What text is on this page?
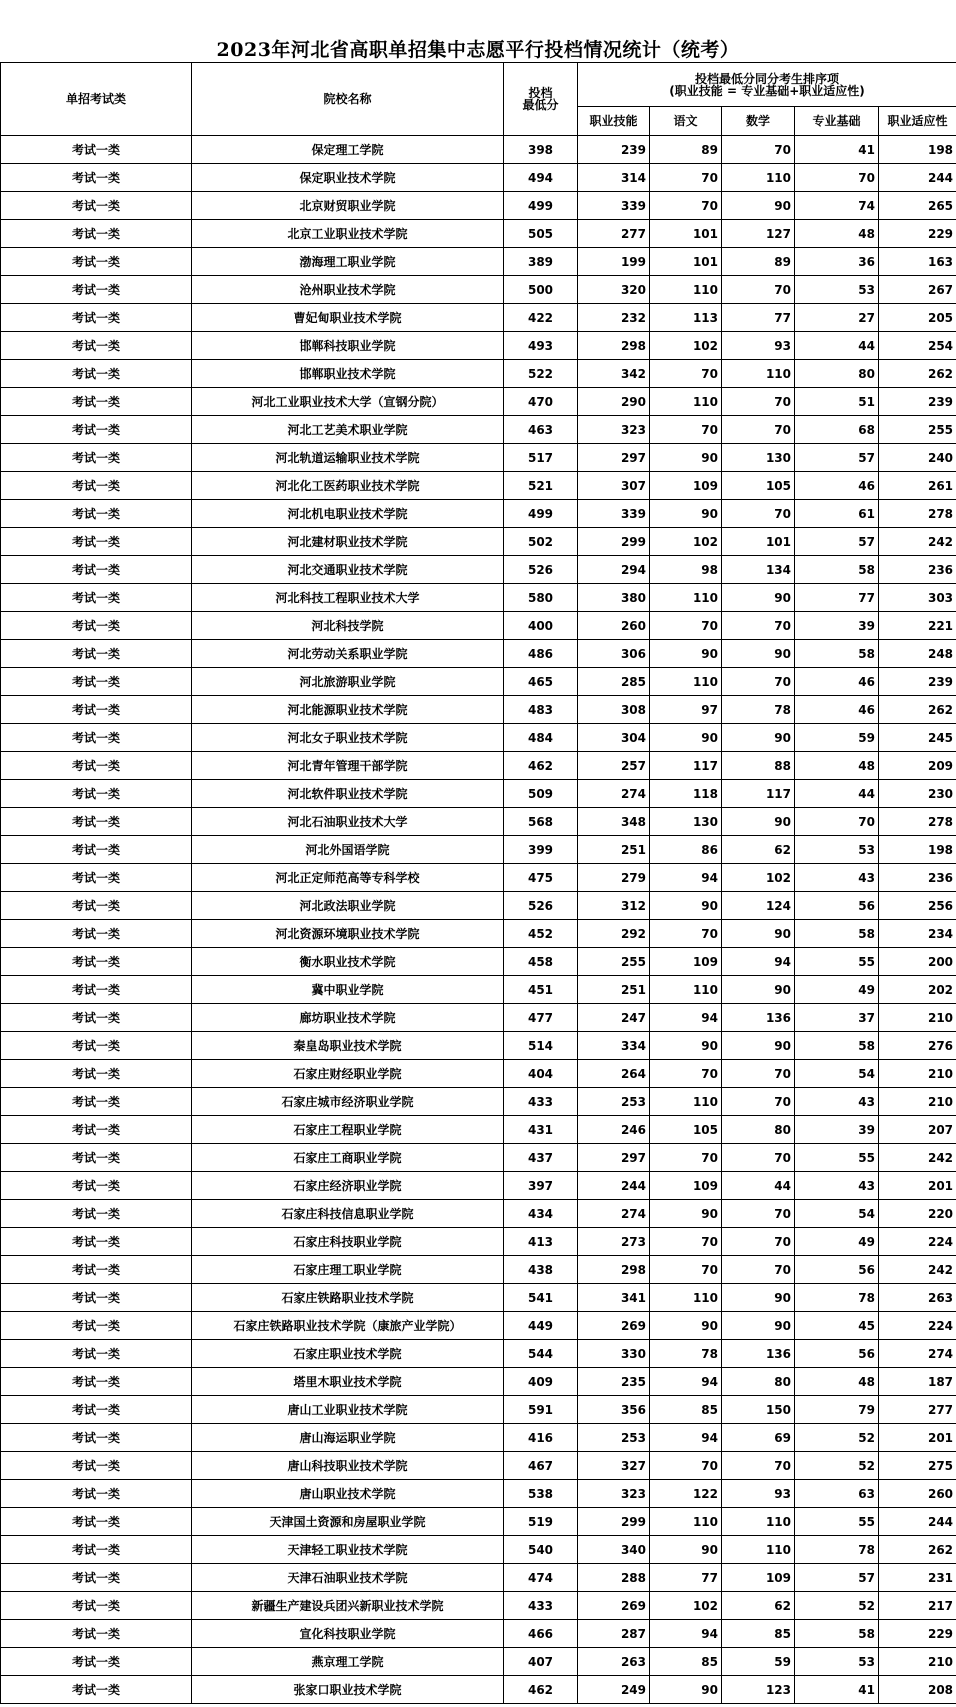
2023年河北省高职单招集中志愿平行投档情况统计（统考）
单招考试类	院校名称	投档
最低分	投档最低分同分考生排序项
(职业技能 = 专业基础+职业适应性)				

			职业技能	语文	数学	专业基础	职业适应性
考试一类	保定理工学院	398	239	89	70	41	198
考试一类	保定职业技术学院	494	314	70	110	70	244
考试一类	北京财贸职业学院	499	339	70	90	74	265
考试一类	北京工业职业技术学院	505	277	101	127	48	229
考试一类	渤海理工职业学院	389	199	101	89	36	163
考试一类	沧州职业技术学院	500	320	110	70	53	267
考试一类	曹妃甸职业技术学院	422	232	113	77	27	205
考试一类	邯郸科技职业学院	493	298	102	93	44	254
考试一类	邯郸职业技术学院	522	342	70	110	80	262
考试一类	河北工业职业技术大学（宣钢分院）	470	290	110	70	51	239
考试一类	河北工艺美术职业学院	463	323	70	70	68	255
考试一类	河北轨道运输职业技术学院	517	297	90	130	57	240
考试一类	河北化工医药职业技术学院	521	307	109	105	46	261
考试一类	河北机电职业技术学院	499	339	90	70	61	278
考试一类	河北建材职业技术学院	502	299	102	101	57	242
考试一类	河北交通职业技术学院	526	294	98	134	58	236
考试一类	河北科技工程职业技术大学	580	380	110	90	77	303
考试一类	河北科技学院	400	260	70	70	39	221
考试一类	河北劳动关系职业学院	486	306	90	90	58	248
考试一类	河北旅游职业学院	465	285	110	70	46	239
考试一类	河北能源职业技术学院	483	308	97	78	46	262
考试一类	河北女子职业技术学院	484	304	90	90	59	245
考试一类	河北青年管理干部学院	462	257	117	88	48	209
考试一类	河北软件职业技术学院	509	274	118	117	44	230
考试一类	河北石油职业技术大学	568	348	130	90	70	278
考试一类	河北外国语学院	399	251	86	62	53	198
考试一类	河北正定师范高等专科学校	475	279	94	102	43	236
考试一类	河北政法职业学院	526	312	90	124	56	256
考试一类	河北资源环境职业技术学院	452	292	70	90	58	234
考试一类	衡水职业技术学院	458	255	109	94	55	200
考试一类	冀中职业学院	451	251	110	90	49	202
考试一类	廊坊职业技术学院	477	247	94	136	37	210
考试一类	秦皇岛职业技术学院	514	334	90	90	58	276
考试一类	石家庄财经职业学院	404	264	70	70	54	210
考试一类	石家庄城市经济职业学院	433	253	110	70	43	210
考试一类	石家庄工程职业学院	431	246	105	80	39	207
考试一类	石家庄工商职业学院	437	297	70	70	55	242
考试一类	石家庄经济职业学院	397	244	109	44	43	201
考试一类	石家庄科技信息职业学院	434	274	90	70	54	220
考试一类	石家庄科技职业学院	413	273	70	70	49	224
考试一类	石家庄理工职业学院	438	298	70	70	56	242
考试一类	石家庄铁路职业技术学院	541	341	110	90	78	263
考试一类	石家庄铁路职业技术学院（康旅产业学院）	449	269	90	90	45	224
考试一类	石家庄职业技术学院	544	330	78	136	56	274
考试一类	塔里木职业技术学院	409	235	94	80	48	187
考试一类	唐山工业职业技术学院	591	356	85	150	79	277
考试一类	唐山海运职业学院	416	253	94	69	52	201
考试一类	唐山科技职业技术学院	467	327	70	70	52	275
考试一类	唐山职业技术学院	538	323	122	93	63	260
考试一类	天津国土资源和房屋职业学院	519	299	110	110	55	244
考试一类	天津轻工职业技术学院	540	340	90	110	78	262
考试一类	天津石油职业技术学院	474	288	77	109	57	231
考试一类	新疆生产建设兵团兴新职业技术学院	433	269	102	62	52	217
考试一类	宣化科技职业学院	466	287	94	85	58	229
考试一类	燕京理工学院	407	263	85	59	53	210
考试一类	张家口职业技术学院	462	249	90	123	41	208
